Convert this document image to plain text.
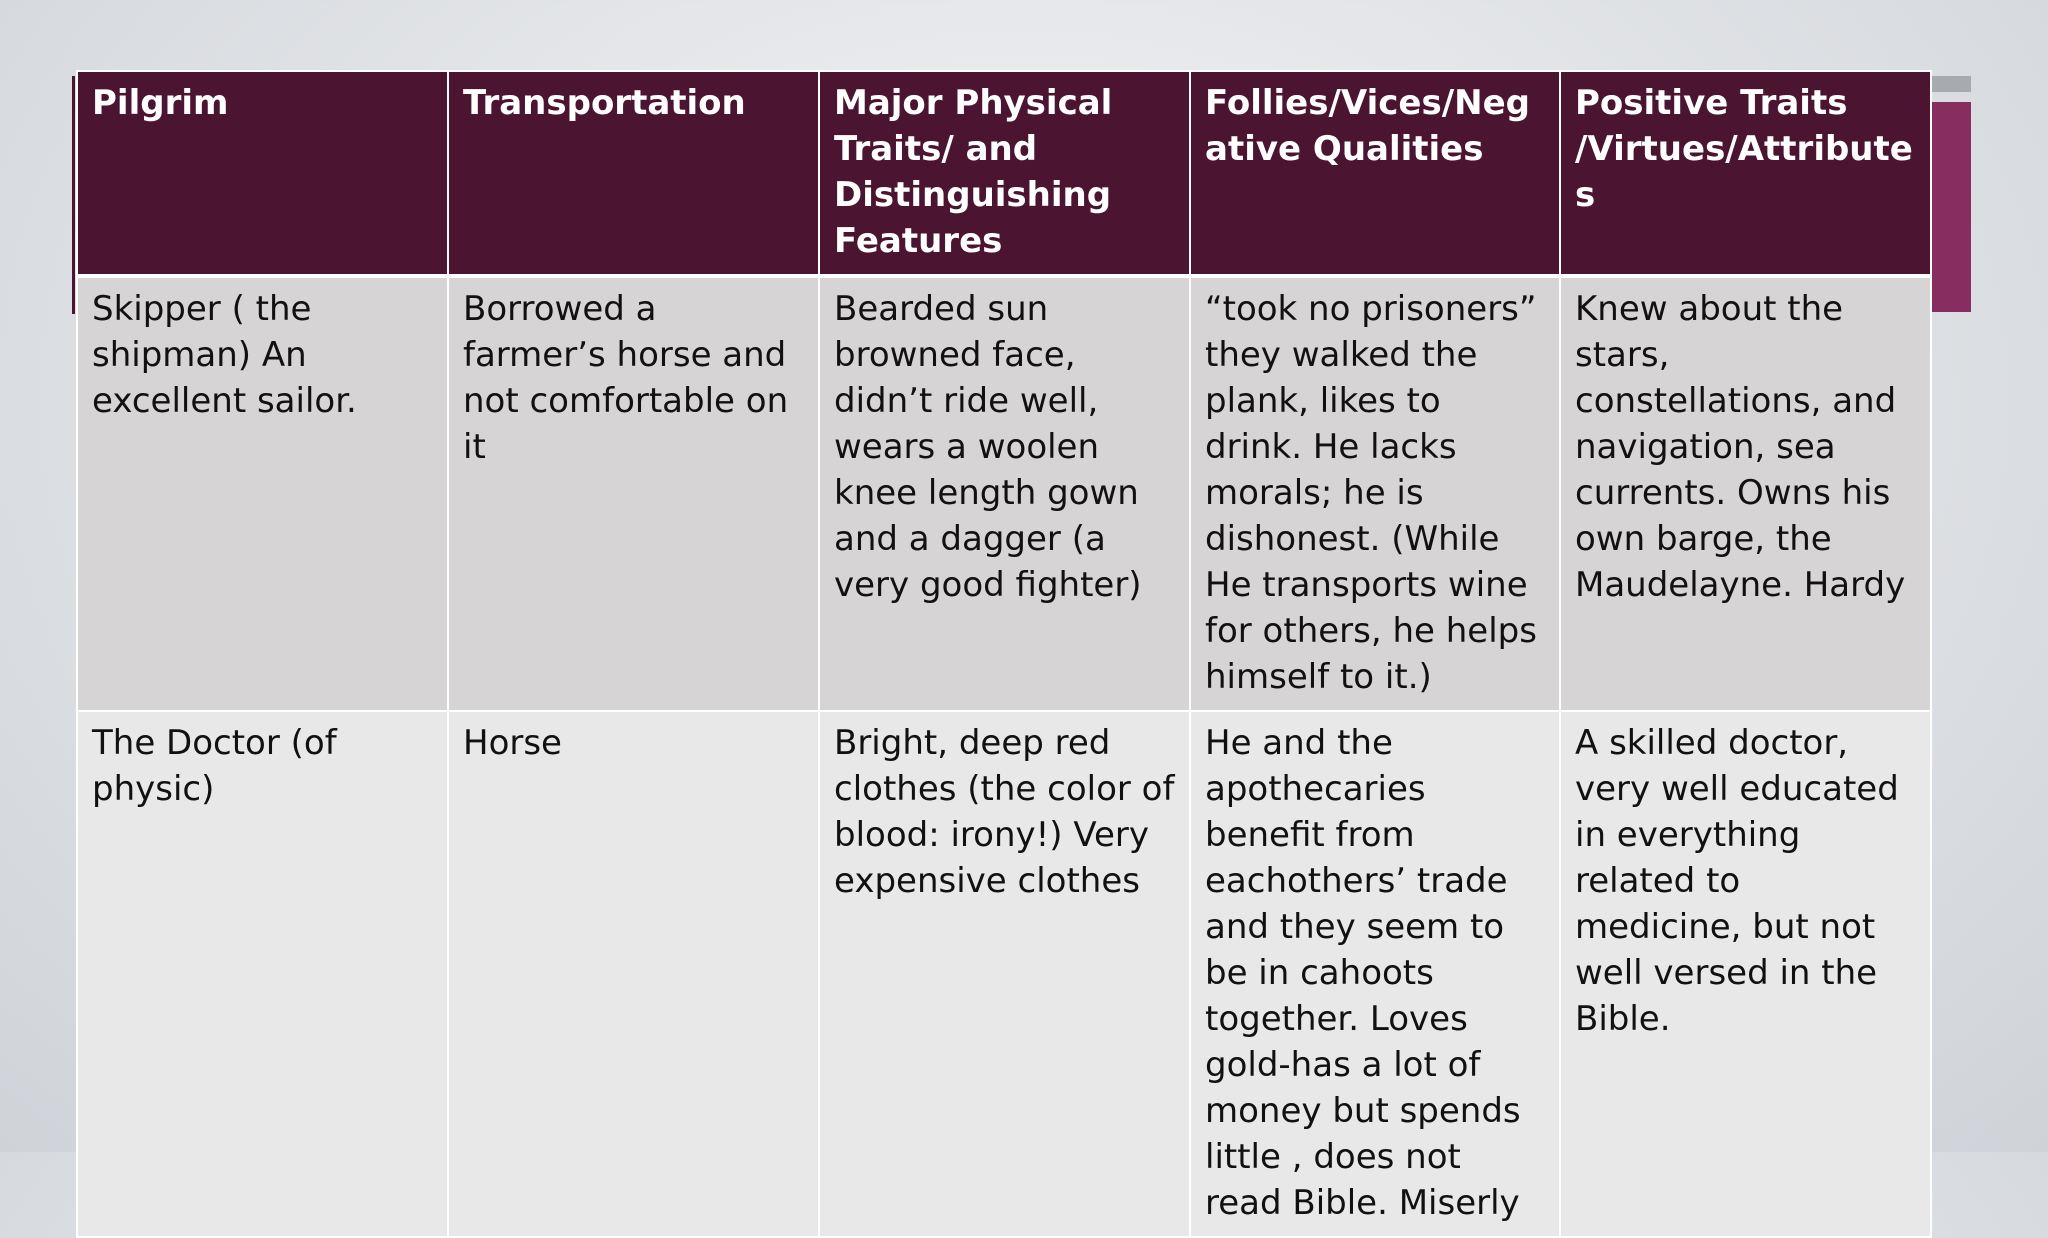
Pilgrim	Transportation	Major Physical Traits/ and Distinguishing Features	Follies/Vices/Negative Qualities	Positive Traits /Virtues/Attributes
Skipper ( the shipman) An excellent sailor.	Borrowed a farmer’s horse and not comfortable on it	Bearded sun browned face, didn’t ride well, wears a woolen knee length gown and a dagger (a very good fighter)	“took no prisoners” they walked the plank, likes to drink. He lacks morals; he is dishonest. (While He transports wine for others, he helps himself to it.)	Knew about the stars, constellations, and navigation, sea currents. Owns his own barge, the Maudelayne. Hardy
The Doctor (of physic)	Horse	Bright, deep red clothes (the color of blood: irony!) Very expensive clothes	He and the apothecaries benefit from eachothers’ trade and they seem to be in cahoots together. Loves gold-has a lot of money but spends little , does not read Bible. Miserly	A skilled doctor, very well educated in everything related to medicine, but not well versed in the Bible.
